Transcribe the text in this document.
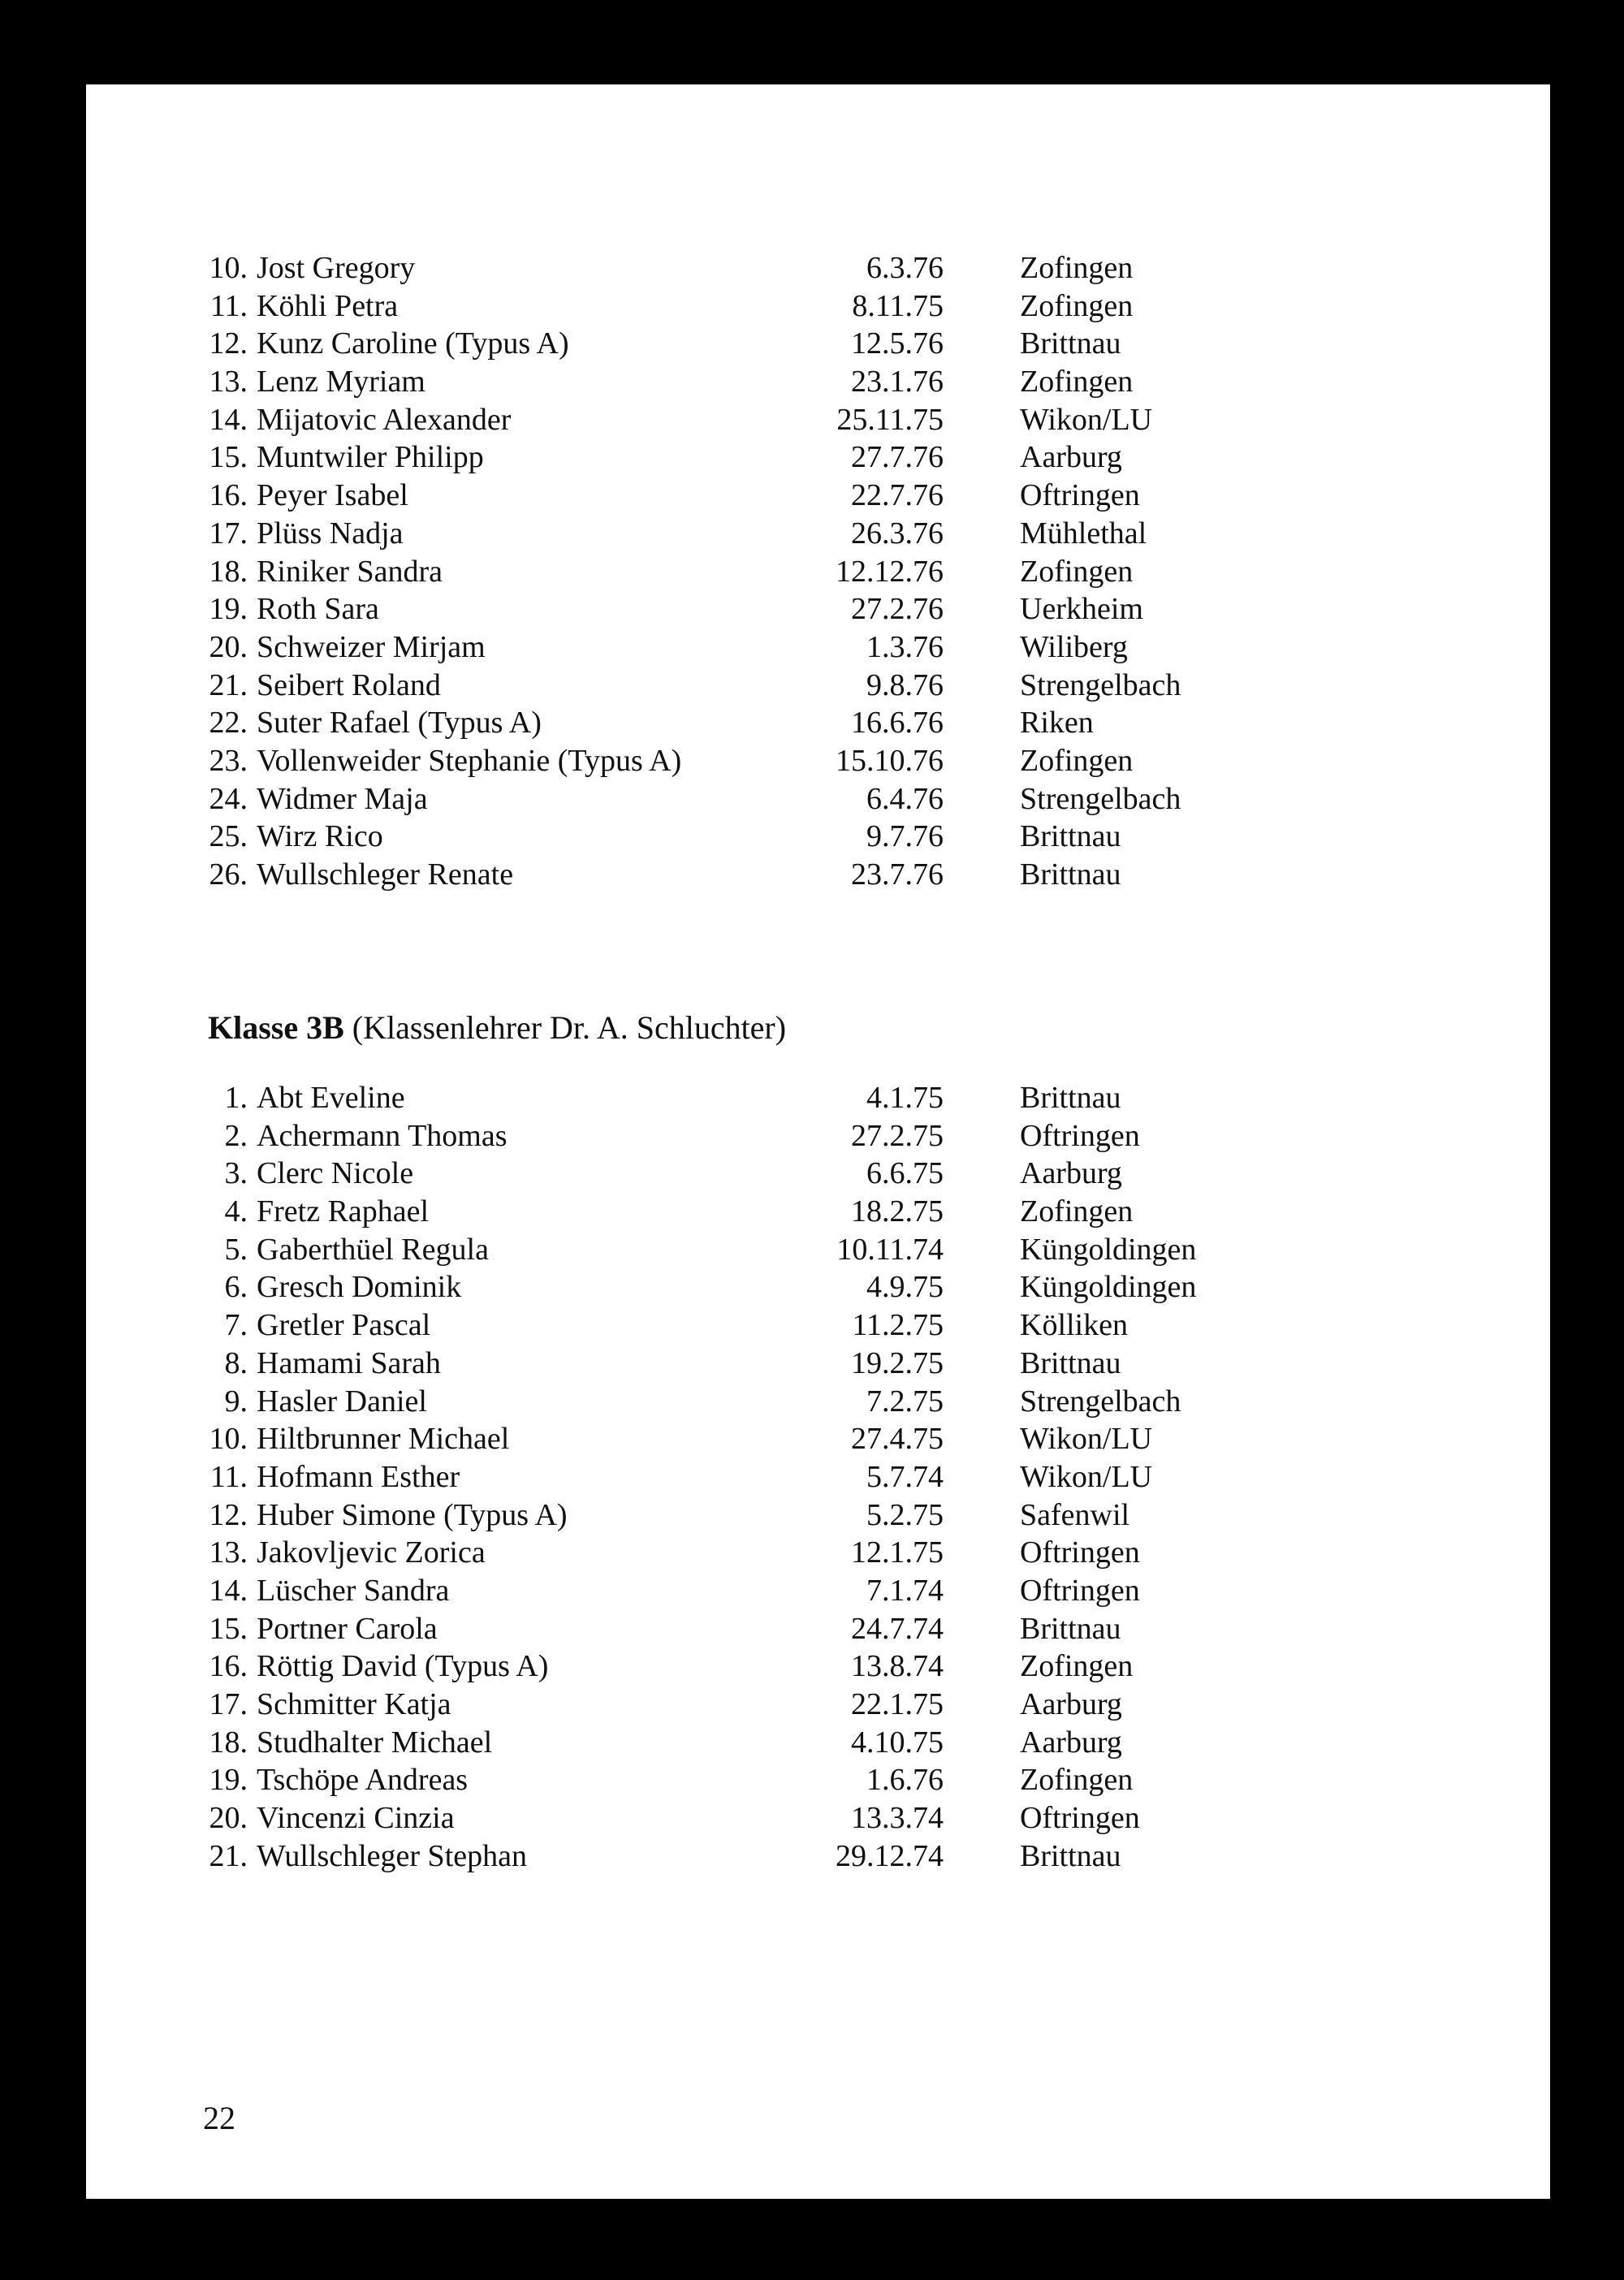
10. Jost Gregory	6.3.76 Zofingen
11. Köhli Petra	8.11.75 Zofingen
12. Kunz Caroline (Typus A)	12.5.76 Brittnau
13. Lenz Myriam	23.1.76 Zofingen
14. Mijatovic Alexander	25.11.75 Wikon/LU
15. Muntwiler Philipp	27.7.76 Aarburg
16. Peyer Isabel	22.7.76 Oftringen
17. Plüss Nadja	26.3.76 Mühlethal
18. Riniker Sandra	12.12.76 Zofingen
19. Roth Sara	27.2.76 Uerkheim
20. Schweizer Mirjam	1.3.76 Wiliberg
21. Seibert Roland	9.8.76 Strengelbach
22. Suter Rafael (Typus A)	16.6.76 Riken
23. Vollenweider Stephanie (Typus A)	15.10.76 Zofingen
24. Widmer Maja	6.4.76 Strengelbach
25. Wirz Rico	9.7.76 Brittnau
26. Wullschleger Renate	23.7.76 Brittnau
Klasse 3B (Klassenlehrer Dr. A. Schluchter)
1. Abt Eveline	4.1.75 Brittnau
2. Achermann Thomas	27.2.75 Oftringen
3. Clerc Nicole	6.6.75 Aarburg
4. Fretz Raphael	18.2.75 Zofingen
5. Gaberthüel Regula	10.11.74 Küngoldingen
6. Gresch Dominik	4.9.75 Küngoldingen
7. Gretler Pascal	11.2.75 Kölliken
8. Hamami Sarah	19.2.75 Brittnau
9. Hasler Daniel	7.2.75 Strengelbach
10. Hiltbrunner Michael	27.4.75 Wikon/LU
11. Hofmann Esther	5.7.74 Wikon/LU
12. Huber Simone (Typus A)	5.2.75 Safenwil
13. Jakovljevic Zorica	12.1.75 Oftringen
14. Lüscher Sandra	7.1.74 Oftringen
15. Portner Carola	24.7.74 Brittnau
16. Röttig David (Typus A)	13.8.74 Zofingen
17. Schmitter Katja	22.1.75 Aarburg
18. Studhalter Michael	4.10.75 Aarburg
19. Tschöpe Andreas	1.6.76 Zofingen
20. Vincenzi Cinzia	13.3.74 Oftringen
21. Wullschleger Stephan	29.12.74 Brittnau
22
